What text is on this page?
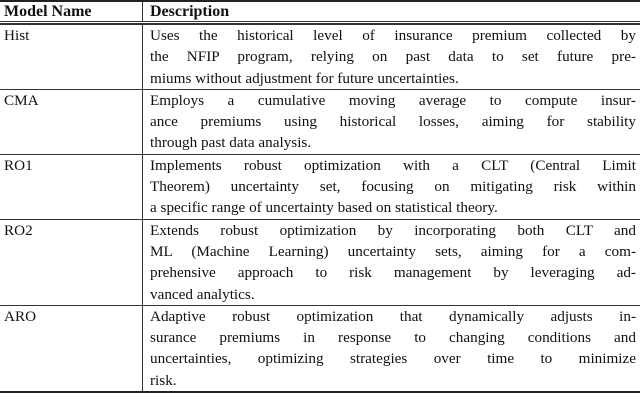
Model Name	Description
Hist	Uses the historical level of insurance premium collected by
the NFIP program, relying on past data to set future pre-
miums without adjustment for future uncertainties.
CMA	Employs a cumulative moving average to compute insur-
ance premiums using historical losses, aiming for stability
through past data analysis.
RO1	Implements robust optimization with a CLT (Central Limit
Theorem) uncertainty set, focusing on mitigating risk within
a specific range of uncertainty based on statistical theory.
RO2	Extends robust optimization by incorporating both CLT and
ML (Machine Learning) uncertainty sets, aiming for a com-
prehensive approach to risk management by leveraging ad-
vanced analytics.
ARO	Adaptive robust optimization that dynamically adjusts in-
surance premiums in response to changing conditions and
uncertainties, optimizing strategies over time to minimize
risk.
